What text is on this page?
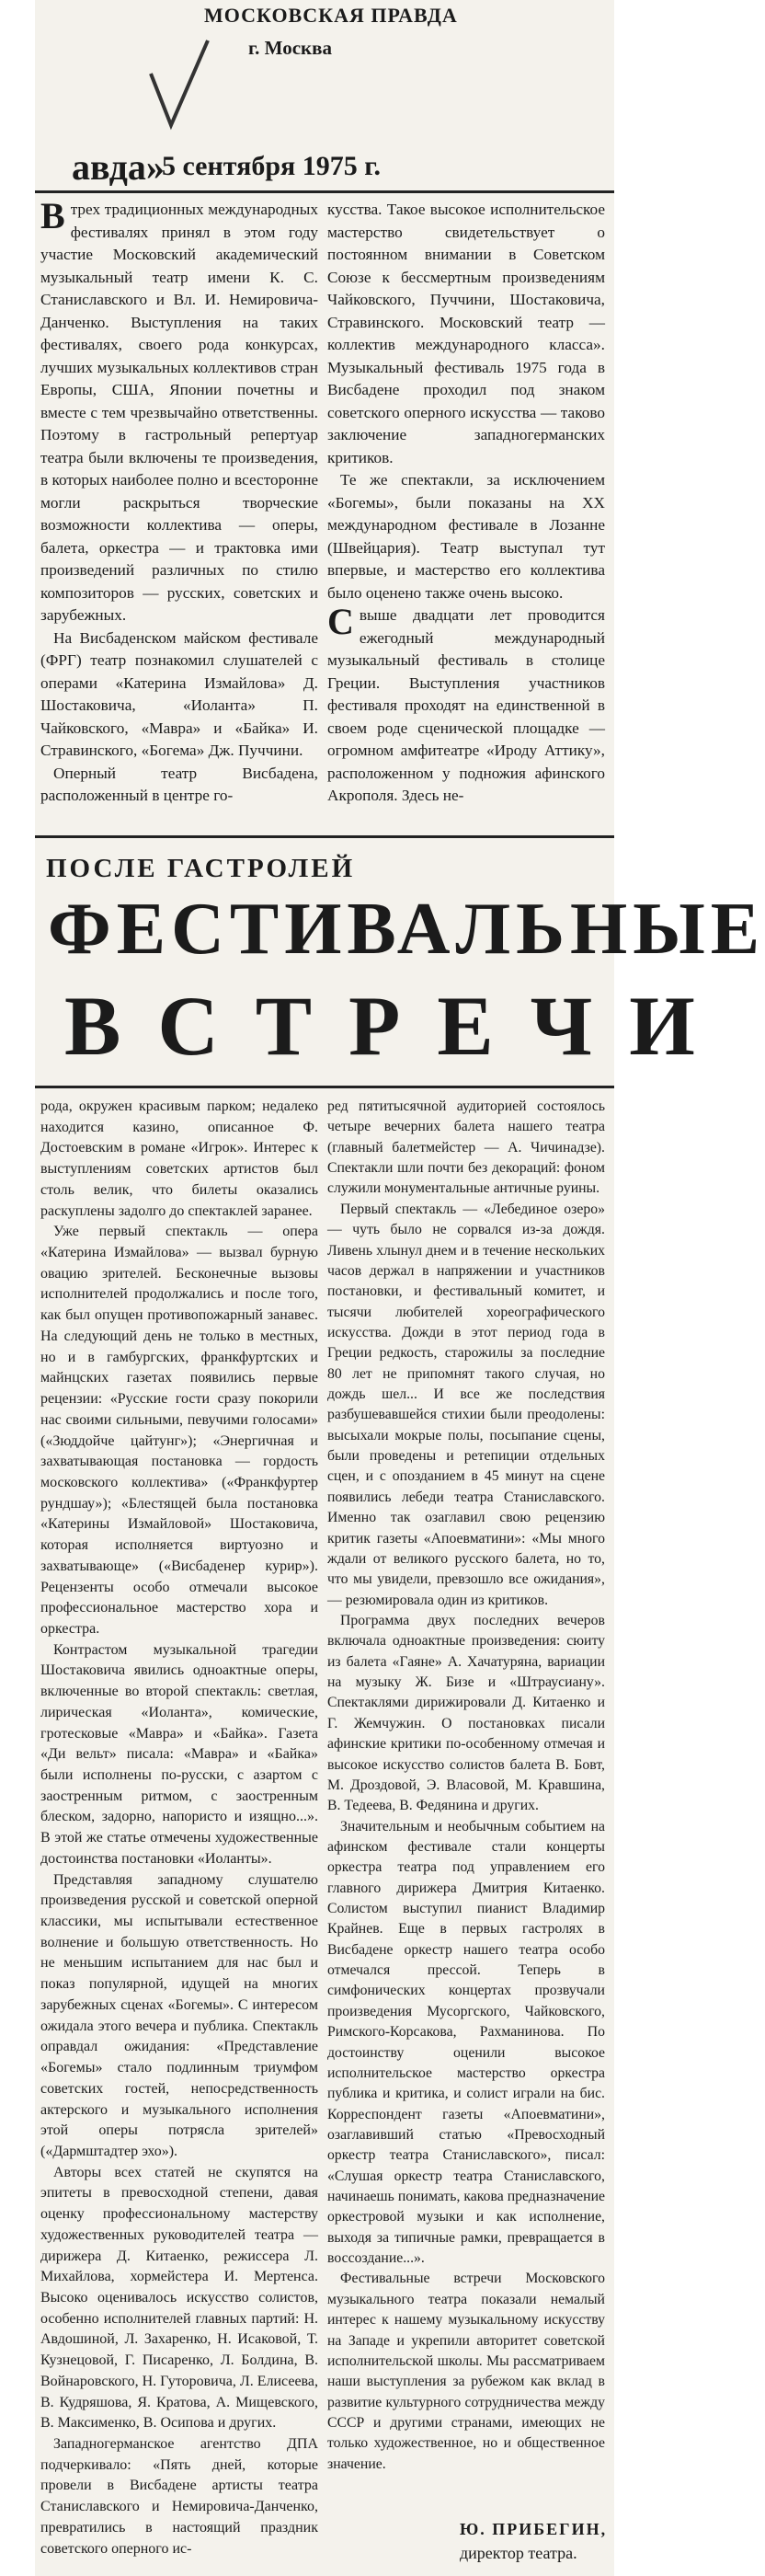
МОСКОВСКАЯ ПРАВДА
г. Москва
авда»
5 сентября 1975 г.

Втрех традиционных международных фестивалях принял в этом году участие Московский академический музыкальный театр имени К. С. Станиславского и Вл. И. Немировича-Данченко. Выступления на таких фестивалях, своего рода конкурсах, лучших музыкальных коллективов стран Европы, США, Японии почетны и вместе с тем чрезвычайно ответственны. Поэтому в гастрольный репертуар театра были включены те произведения, в которых наиболее полно и всесторонне могли раскрыться творческие возможности коллектива — оперы, балета, оркестра — и трактовка ими произведений различных по стилю композиторов — русских, советских и зарубежных.

На Висбаденском майском фестивале (ФРГ) театр познакомил слушателей с операми «Катерина Измайлова» Д. Шостаковича, «Иоланта» П. Чайковского, «Мавра» и «Байка» И. Стравинского, «Богема» Дж. Пуччини.

Оперный театр Висбадена, расположенный в центре го-

кусства. Такое высокое исполнительское мастерство свидетельствует о постоянном внимании в Советском Союзе к бессмертным произведениям Чайковского, Пуччини, Шостаковича, Стравинского. Московский театр — коллектив международного класса». Музыкальный фестиваль 1975 года в Висбадене проходил под знаком советского оперного искусства — таково заключение западногерманских критиков.

Те же спектакли, за исключением «Богемы», были показаны на XX международном фестивале в Лозанне (Швейцария). Театр выступал тут впервые, и мастерство его коллектива было оценено также очень высоко.

Свыше двадцати лет проводится ежегодный международный музыкальный фестиваль в столице Греции. Выступления участников фестиваля проходят на единственной в своем роде сценической площадке — огромном амфитеатре «Ироду Аттику», расположенном у подножия афинского Акрополя. Здесь не-

ПОСЛЕ ГАСТРОЛЕЙ
ФЕСТИВАЛЬНЫЕ
ВСТРЕЧИ

рода, окружен красивым парком; недалеко находится казино, описанное Ф. Достоевским в романе «Игрок». Интерес к выступлениям советских артистов был столь велик, что билеты оказались раскуплены задолго до спектаклей заранее.

Уже первый спектакль — опера «Катерина Измайлова» — вызвал бурную овацию зрителей. Бесконечные вызовы исполнителей продолжались и после того, как был опущен противопожарный занавес. На следующий день не только в местных, но и в гамбургских, франкфуртских и майнцских газетах появились первые рецензии: «Русские гости сразу покорили нас своими сильными, певучими голосами» («Зюддойче цайтунг»); «Энергичная и захватывающая постановка — гордость московского коллектива» («Франкфуртер рундшау»); «Блестящей была постановка «Катерины Измайловой» Шостаковича, которая исполняется виртуозно и захватывающе» («Висбаденер курир»). Рецензенты особо отмечали высокое профессиональное мастерство хора и оркестра.

Контрастом музыкальной трагедии Шостаковича явились одноактные оперы, включенные во второй спектакль: светлая, лирическая «Иоланта», комические, гротесковые «Мавра» и «Байка». Газета «Ди вельт» писала: «Мавра» и «Байка» были исполнены по-русски, с азартом с заостренным ритмом, с заостренным блеском, задорно, напористо и изящно...». В этой же статье отмечены художественные достоинства постановки «Иоланты».

Представляя западному слушателю произведения русской и советской оперной классики, мы испытывали естественное волнение и большую ответственность. Но не меньшим испытанием для нас был и показ популярной, идущей на многих зарубежных сценах «Богемы». С интересом ожидала этого вечера и публика. Спектакль оправдал ожидания: «Представление «Богемы» стало подлинным триумфом советских гостей, непосредственность актерского и музыкального исполнения этой оперы потрясла зрителей» («Дармштадтер эхо»).

Авторы всех статей не скупятся на эпитеты в превосходной степени, давая оценку профессиональному мастерству художественных руководителей театра — дирижера Д. Китаенко, режиссера Л. Михайлова, хормейстера И. Мертенса. Высоко оценивалось искусство солистов, особенно исполнителей главных партий: Н. Авдошиной, Л. Захаренко, Н. Исаковой, Т. Кузнецовой, Г. Писаренко, Л. Болдина, В. Войнаровского, Н. Гуторовича, Л. Елисеева, В. Кудряшова, Я. Кратова, А. Мищевского, В. Максименко, В. Осипова и других.

Западногерманское агентство ДПА подчеркивало: «Пять дней, которые провели в Висбадене артисты театра Станиславского и Немировича-Данченко, превратились в настоящий праздник советского оперного ис-

ред пятитысячной аудиторией состоялось четыре вечерних балета нашего театра (главный балетмейстер — А. Чичинадзе). Спектакли шли почти без декораций: фоном служили монументальные античные руины.

Первый спектакль — «Лебединое озеро» — чуть было не сорвался из-за дождя. Ливень хлынул днем и в течение нескольких часов держал в напряжении и участников постановки, и фестивальный комитет, и тысячи любителей хореографического искусства. Дожди в этот период года в Греции редкость, старожилы за последние 80 лет не припомнят такого случая, но дождь шел... И все же последствия разбушевавшейся стихии были преодолены: высыхали мокрые полы, посыпание сцены, были проведены и ретепиции отдельных сцен, и с опозданием в 45 минут на сцене появились лебеди театра Станиславского. Именно так озаглавил свою рецензию критик газеты «Апоевматини»: «Мы много ждали от великого русского балета, но то, что мы увидели, превзошло все ожидания», — резюмировала один из критиков.

Программа двух последних вечеров включала одноактные произведения: сюиту из балета «Гаяне» А. Хачатуряна, вариации на музыку Ж. Бизе и «Штраусиану». Спектаклями дирижировали Д. Китаенко и Г. Жемчужин. О постановках писали афинские критики по-особенному отмечая и высокое искусство солистов балета В. Бовт, М. Дроздовой, Э. Власовой, М. Кравшина, В. Тедеева, В. Федянина и других.

Значительным и необычным событием на афинском фестивале стали концерты оркестра театра под управлением его главного дирижера Дмитрия Китаенко. Солистом выступил пианист Владимир Крайнев. Еще в первых гастролях в Висбадене оркестр нашего театра особо отмечался прессой. Теперь в симфонических концертах прозвучали произведения Мусоргского, Чайковского, Римского-Корсакова, Рахманинова. По достоинству оценили высокое исполнительское мастерство оркестра публика и критика, и солист играли на бис. Корреспондент газеты «Апоевматини», озаглавивший статью «Превосходный оркестр театра Станиславского», писал: «Слушая оркестр театра Станиславского, начинаешь понимать, какова предназначение оркестровой музыки и как исполнение, выходя за типичные рамки, превращается в воссоздание...».

Фестивальные встречи Московского музыкального театра показали немалый интерес к нашему музыкальному искусству на Западе и укрепили авторитет советской исполнительской школы. Мы рассматриваем наши выступления за рубежом как вклад в развитие культурного сотрудничества между СССР и другими странами, имеющих не только художественное, но и общественное значение.

Ю. ПРИБЕГИН,
директор театра.
